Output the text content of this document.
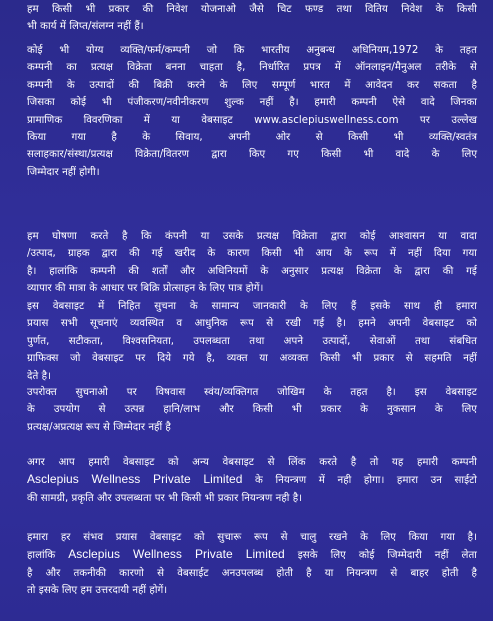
हम किसी भी प्रकार की निवेश योजनाओ जैसे चिट फण्ड तथा वितिय निवेश के किसी
भी कार्य में लिप्त/संलग्न नहीं हैं।

कोई भी योग्य व्यक्ति/फर्म/कम्पनी जो कि भारतीय अनुबन्ध अधिनियम,1972 के तहत
कम्पनी का प्रत्यक्ष विक्रेता बनना चाहता है, निर्धारित प्रपत्र में ऑनलाइन/मैनुअल तरीके से
कम्पनी के उत्पादों की बिक्री करने के लिए सम्पूर्ण भारत में आवेदन कर सकता है
जिसका कोई भी पंजीकरण/नवीनीकरण शुल्क नहीं है। हमारी कम्पनी ऐसे वादे जिनका
प्रामाणिक विवरणिका में या वेबसाइट www.asclepiuswellness.com पर उल्लेख
किया गया है के सिवाय, अपनी ओर से किसी भी व्यक्ति/स्वतंत्र
सलाहकार/संस्था/प्रत्यक्ष विक्रेता/वितरण द्वारा किए गए किसी भी वादे के लिए
जिम्मेदार नहीं होगी।

हम घोषणा करते है कि कंपनी या उसके प्रत्यक्ष विक्रेता द्वारा कोई आश्वासन या वादा
/उत्पाद, ग्राहक द्वारा की गई खरीद के कारण किसी भी आय के रूप में नहीं दिया गया
है। हालांकि कम्पनी की शर्तों और अधिनियमों के अनुसार प्रत्यक्ष विक्रेता के द्वारा की गई
व्यापार की मात्रा के आधार पर बिक्रि प्रोत्साहन के लिए पात्र होगें।

इस वेबसाइट में निहित सुचना के सामान्य जानकारी के लिए हैं इसके साथ ही हमारा
प्रयास सभी सूचनाएं व्यवस्थित व आधुनिक रूप से रखी गई है। हमने अपनी वेबसाइट को
पुर्णत, सटीकता, विश्वसनियता, उपलब्धता तथा अपने उत्पादों, सेवाओं तथा संबधित
ग्राफिक्स जो वेबसाइट पर दिये गये है, व्यक्त या अव्यक्त किसी भी प्रकार से सहमति नहीं
देते है।

उपरोक्त सुचनाओ पर विषवास स्वंय/व्यक्तिगत जोखिम के तहत है। इस वेबसाइट
के उपयोग से उत्पन्न हानि/लाभ और किसी भी प्रकार के नुकसान के लिए
प्रत्यक्ष/अप्रत्यक्ष रूप से जिम्मेदार नहीं है

अगर आप हमारी वेबसाइट को अन्य वेबसाइट से लिंक करते है तो यह हमारी कम्पनी
Asclepius Wellness Private Limited के नियन्त्रण में नही होगा। हमारा उन साईटो
की सामग्री, प्रकृति और उपलब्धता पर भी किसी भी प्रकार नियन्त्रण नही है।

हमारा हर संभव प्रयास वेबसाइट को सुचारू रूप से चालु रखने के लिए किया गया है।
हालांकि Asclepius Wellness Private Limited इसके लिए कोई जिम्मेदारी नहीं लेता
है और तकनीकी कारणो से वेबसाईट अनउपलब्ध होती है या नियन्त्रण से बाहर होती है
तो इसके लिए हम उत्तरदायी नहीं होगें।
